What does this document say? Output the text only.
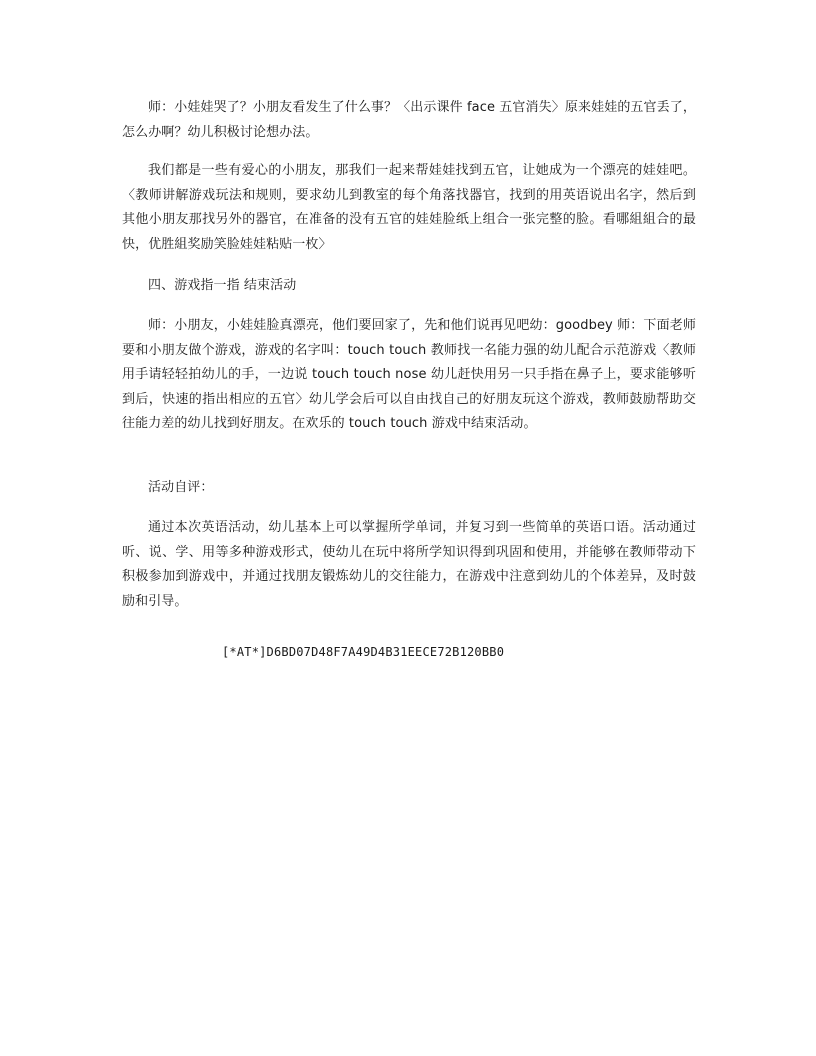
师：小娃娃哭了？小朋友看发生了什么事？〈出示课件 face 五官消失〉原来娃娃的五官丢了，怎么办啊？幼儿积极讨论想办法。

我们都是一些有爱心的小朋友，那我们一起来帮娃娃找到五官，让她成为一个漂亮的娃娃吧。〈教师讲解游戏玩法和规则，要求幼儿到教室的每个角落找器官，找到的用英语说出名字，然后到其他小朋友那找另外的器官，在准备的没有五官的娃娃脸纸上组合一张完整的脸。看哪組組合的最快，优胜組奖励笑脸娃娃粘贴一枚〉

四、游戏指一指 结束活动

师：小朋友，小娃娃脸真漂亮，他们要回家了，先和他们说再见吧幼：goodbey 师：下面老师要和小朋友做个游戏，游戏的名字叫：touch touch 教师找一名能力强的幼儿配合示范游戏〈教师用手请轻轻拍幼儿的手，一边说 touch touch nose 幼儿赶快用另一只手指在鼻子上，要求能够听到后，快速的指出相应的五官〉幼儿学会后可以自由找自己的好朋友玩这个游戏，教师鼓励帮助交往能力差的幼儿找到好朋友。在欢乐的 touch touch 游戏中结束活动。

活动自评：

通过本次英语活动，幼儿基本上可以掌握所学单词，并复习到一些简单的英语口语。活动通过听、说、学、用等多种游戏形式，使幼儿在玩中将所学知识得到巩固和使用，并能够在教师带动下积极参加到游戏中，并通过找朋友锻炼幼儿的交往能力，在游戏中注意到幼儿的个体差异，及时鼓励和引导。

[*AT*]D6BD07D48F7A49D4B31EECE72B120BB0
